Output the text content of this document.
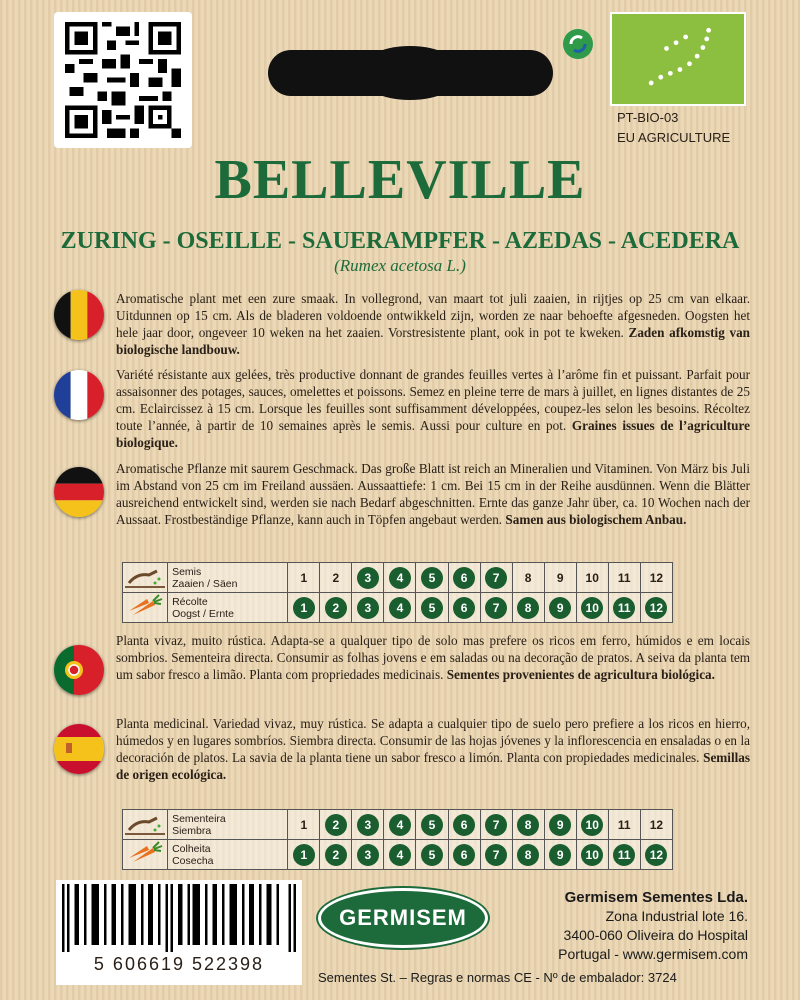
PT-BIO-03
EU AGRICULTURE
BELLEVILLE
ZURING - OSEILLE - SAUERAMPFER - AZEDAS - ACEDERA
(Rumex acetosa L.)

Aromatische plant met een zure smaak. In vollegrond, van maart tot juli zaaien, in rijtjes op 25 cm van elkaar. Uitdunnen op 15 cm. Als de bladeren voldoende ontwikkeld zijn, worden ze naar behoefte afgesneden. Oogsten het hele jaar door, ongeveer 10 weken na het zaaien. Vorstresistente plant, ook in pot te kweken. Zaden afkomstig van biologische landbouw.

Variété résistante aux gelées, très productive donnant de grandes feuilles vertes à l’arôme fin et puissant. Parfait pour assaisonner des potages, sauces, omelettes et poissons. Semez en pleine terre de mars à juillet, en lignes distantes de 25 cm. Eclaircissez à 15 cm. Lorsque les feuilles sont suffisamment développées, coupez-les selon les besoins. Récoltez toute l’année, à partir de 10 semaines après le semis. Aussi pour culture en pot. Graines issues de l’agriculture biologique.

Aromatische Pflanze mit saurem Geschmack. Das große Blatt ist reich an Mineralien und Vitaminen. Von März bis Juli im Abstand von 25 cm im Freiland aussäen. Aussaattiefe: 1 cm. Bei 15 cm in der Reihe ausdünnen. Wenn die Blätter ausreichend entwickelt sind, werden sie nach Bedarf abgeschnitten. Ernte das ganze Jahr über, ca. 10 Wochen nach der Aussaat. Frostbeständige Pflanze, kann auch in Töpfen angebaut werden. Samen aus biologischem Anbau.

Semis
Zaaien / Säen	1	2	3	4	5	6	7	8	9	10	11	12

Récolte
Oogst / Ernte	1	2	3	4	5	6	7	8	9	10	11	12

Planta vivaz, muito rústica. Adapta-se a qualquer tipo de solo mas prefere os ricos em ferro, húmidos e em locais sombrios. Sementeira directa. Consumir as folhas jovens e em saladas ou na decoração de pratos. A seiva da planta tem um sabor fresco a limão. Planta com propriedades medicinais. Sementes provenientes de agricultura biológica.

Planta medicinal. Variedad vivaz, muy rústica. Se adapta a cualquier tipo de suelo pero prefiere a los ricos en hierro, húmedos y en lugares sombríos. Siembra directa. Consumir de las hojas jóvenes y la inflorescencia en ensaladas o en la decoración de platos. La savia de la planta tiene un sabor fresco a limón. Planta con propiedades medicinales. Semillas de origen ecológica.

Sementeira
Siembra	1	2	3	4	5	6	7	8	9	10	11	12

Colheita
Cosecha	1	2	3	4	5	6	7	8	9	10	11	12
5 606619 522398
GERMISEM
Germisem Sementes Lda.
Zona Industrial lote 16.
3400-060 Oliveira do Hospital
Portugal - www.germisem.com
Sementes St. – Regras e normas CE - Nº de embalador: 3724
